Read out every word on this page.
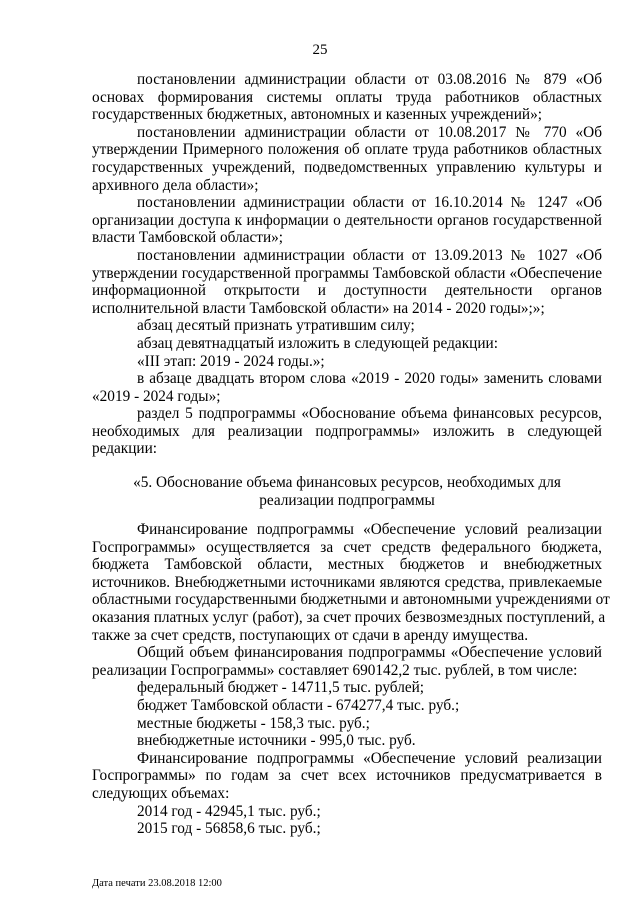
25
постановлении администрации области от 03.08.2016 № 879 «Об
основах формирования системы оплаты труда работников областных
государственных бюджетных, автономных и казенных учреждений»;
постановлении администрации области от 10.08.2017 № 770 «Об
утверждении Примерного положения об оплате труда работников областных
государственных учреждений, подведомственных управлению культуры и
архивного дела области»;
постановлении администрации области от 16.10.2014 № 1247 «Об
организации доступа к информации о деятельности органов государственной
власти Тамбовской области»;
постановлении администрации области от 13.09.2013 № 1027 «Об
утверждении государственной программы Тамбовской области «Обеспечение
информационной открытости и доступности деятельности органов
исполнительной власти Тамбовской области» на 2014 - 2020 годы»;»;
абзац десятый признать утратившим силу;
абзац девятнадцатый изложить в следующей редакции:
«III этап: 2019 - 2024 годы.»;
в абзаце двадцать втором слова «2019 - 2020 годы» заменить словами
«2019 - 2024 годы»;
раздел 5 подпрограммы «Обоснование объема финансовых ресурсов,
необходимых для реализации подпрограммы» изложить в следующей
редакции:
«5. Обоснование объема финансовых ресурсов, необходимых для
реализации подпрограммы
Финансирование подпрограммы «Обеспечение условий реализации
Госпрограммы» осуществляется за счет средств федерального бюджета,
бюджета Тамбовской области, местных бюджетов и внебюджетных
источников. Внебюджетными источниками являются средства, привлекаемые
областными государственными бюджетными и автономными учреждениями от
оказания платных услуг (работ), за счет прочих безвозмездных поступлений, а
также за счет средств, поступающих от сдачи в аренду имущества.
Общий объем финансирования подпрограммы «Обеспечение условий
реализации Госпрограммы» составляет 690142,2 тыс. рублей, в том числе:
федеральный бюджет - 14711,5 тыс. рублей;
бюджет Тамбовской области - 674277,4 тыс. руб.;
местные бюджеты - 158,3 тыс. руб.;
внебюджетные источники - 995,0 тыс. руб.
Финансирование подпрограммы «Обеспечение условий реализации
Госпрограммы» по годам за счет всех источников предусматривается в
следующих объемах:
2014 год - 42945,1 тыс. руб.;
2015 год - 56858,6 тыс. руб.;
Дата печати 23.08.2018 12:00
